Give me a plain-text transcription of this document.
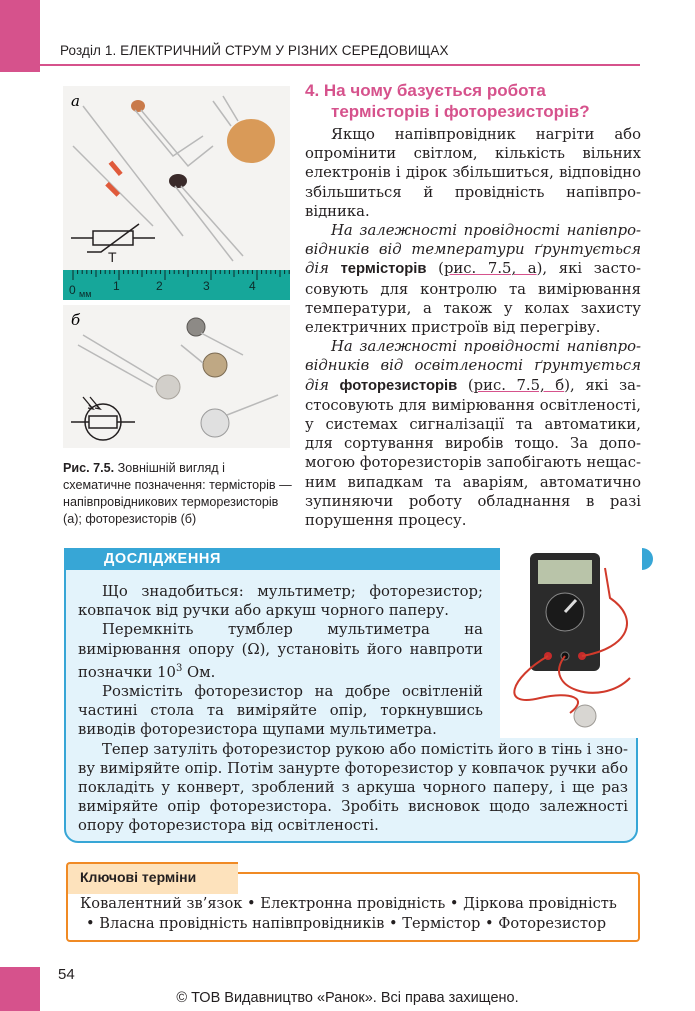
Розділ 1. ЕЛЕКТРИЧНИЙ СТРУМ У РІЗНИХ СЕРЕДОВИЩАХ
а
T
0 мм
1	2	3	4
б
Рис. 7.5. Зовнішній вигляд і схематичне позначення: термісторів — напівпровідникових терморезисторів (а); фоторезисторів (б)
4. На чому базується робота
термісторів і фоторезисторів?

Якщо напівпровідник нагріти або опромінити світлом, кількість вільних електронів і дірок збільшиться, відповідно збільшиться й провідність напівпровідника.

На залежності провідності напівпровідників від температури ґрунтується дія термісторів (рис. 7.5, а), які застосовують для контролю та вимірювання температури, а також у колах захисту електричних пристроїв від перегріву.

На залежності провідності напівпровідників від освітленості ґрунтується дія фоторезисторів (рис. 7.5, б), які застосовують для вимірювання освітленості, у системах сигналізації та автоматики, для сортування виробів тощо. За допомогою фоторезисторів запобігають нещасним випадкам та аваріям, автоматично зупиняючи роботу обладнання в разі порушення процесу.

ДОСЛІДЖЕННЯ

Що знадобиться: мультиметр; фоторезистор; ковпачок від ручки або аркуш чорного паперу.

Перемкніть тумблер мультиметра на вимірювання опору (Ω), установіть його навпроти позначки $10^3$ Ом.

Розмістіть фоторезистор на добре освітленій частині стола та виміряйте опір, торкнувшись виводів фоторезистора щупами мультиметра.

Тепер затуліть фоторезистор рукою або помістіть його в тінь і знову виміряйте опір. Потім занурте фоторезистор у ковпачок ручки або покладіть у конверт, зроблений з аркуша чорного паперу, і ще раз виміряйте опір фоторезистора. Зробіть висновок щодо залежності опору фоторезистора від освітленості.

Ключові терміни
Ковалентний зв’язок • Електронна провідність • Діркова провідність
• Власна провідність напівпровідників • Термістор • Фоторезистор
54
© ТОВ Видавництво «Ранок». Всі права захищено.
